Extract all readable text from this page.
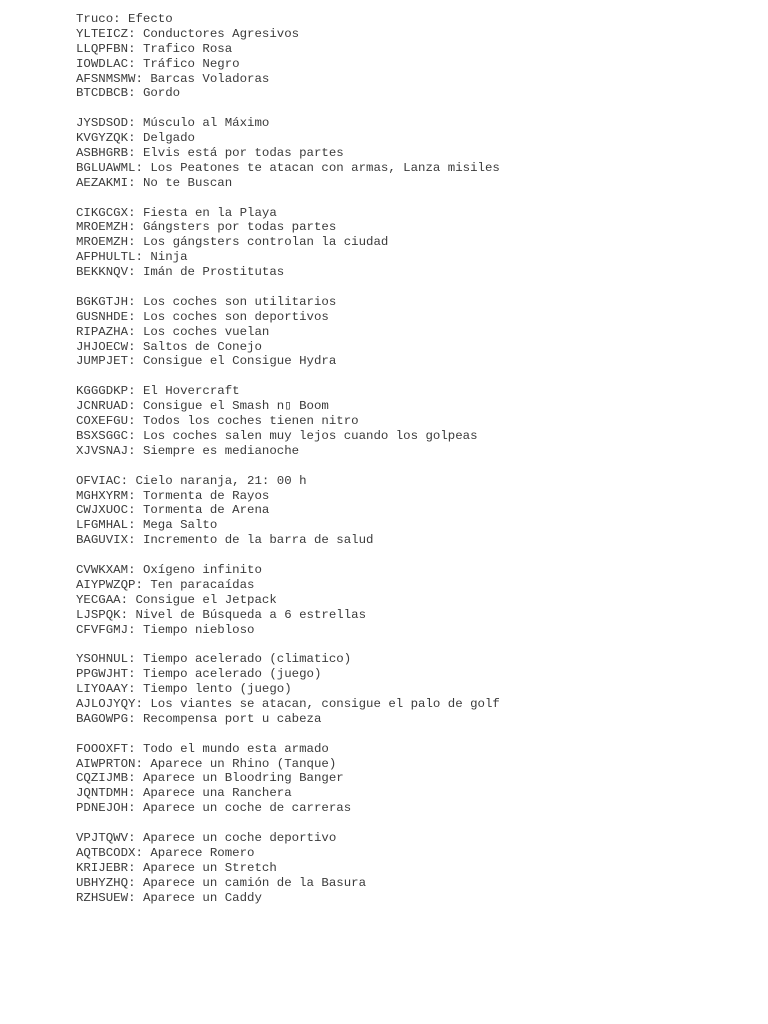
Truco: Efecto
YLTEICZ: Conductores Agresivos
LLQPFBN: Trafico Rosa
IOWDLAC: Tráfico Negro
AFSNMSMW: Barcas Voladoras
BTCDBCB: Gordo
JYSDSOD: Músculo al Máximo
KVGYZQK: Delgado
ASBHGRB: Elvis está por todas partes
BGLUAWML: Los Peatones te atacan con armas, Lanza misiles
AEZAKMI: No te Buscan
CIKGCGX: Fiesta en la Playa
MROEMZH: Gángsters por todas partes
MROEMZH: Los gángsters controlan la ciudad
AFPHULTL: Ninja
BEKKNQV: Imán de Prostitutas
BGKGTJH: Los coches son utilitarios
GUSNHDE: Los coches son deportivos
RIPAZHA: Los coches vuelan
JHJOECW: Saltos de Conejo
JUMPJET: Consigue el Consigue Hydra
KGGGDKP: El Hovercraft
JCNRUAD: Consigue el Smash n▯ Boom
COXEFGU: Todos los coches tienen nitro
BSXSGGC: Los coches salen muy lejos cuando los golpeas
XJVSNAJ: Siempre es medianoche
OFVIAC: Cielo naranja, 21: 00 h
MGHXYRM: Tormenta de Rayos
CWJXUOC: Tormenta de Arena
LFGMHAL: Mega Salto
BAGUVIX: Incremento de la barra de salud
CVWKXAM: Oxígeno infinito
AIYPWZQP: Ten paracaídas
YECGAA: Consigue el Jetpack
LJSPQK: Nivel de Búsqueda a 6 estrellas
CFVFGMJ: Tiempo niebloso
YSOHNUL: Tiempo acelerado (climatico)
PPGWJHT: Tiempo acelerado (juego)
LIYOAAY: Tiempo lento (juego)
AJLOJYQY: Los viantes se atacan, consigue el palo de golf
BAGOWPG: Recompensa port u cabeza
FOOOXFT: Todo el mundo esta armado
AIWPRTON: Aparece un Rhino (Tanque)
CQZIJMB: Aparece un Bloodring Banger
JQNTDMH: Aparece una Ranchera
PDNEJOH: Aparece un coche de carreras
VPJTQWV: Aparece un coche deportivo
AQTBCODX: Aparece Romero
KRIJEBR: Aparece un Stretch
UBHYZHQ: Aparece un camión de la Basura
RZHSUEW: Aparece un Caddy
